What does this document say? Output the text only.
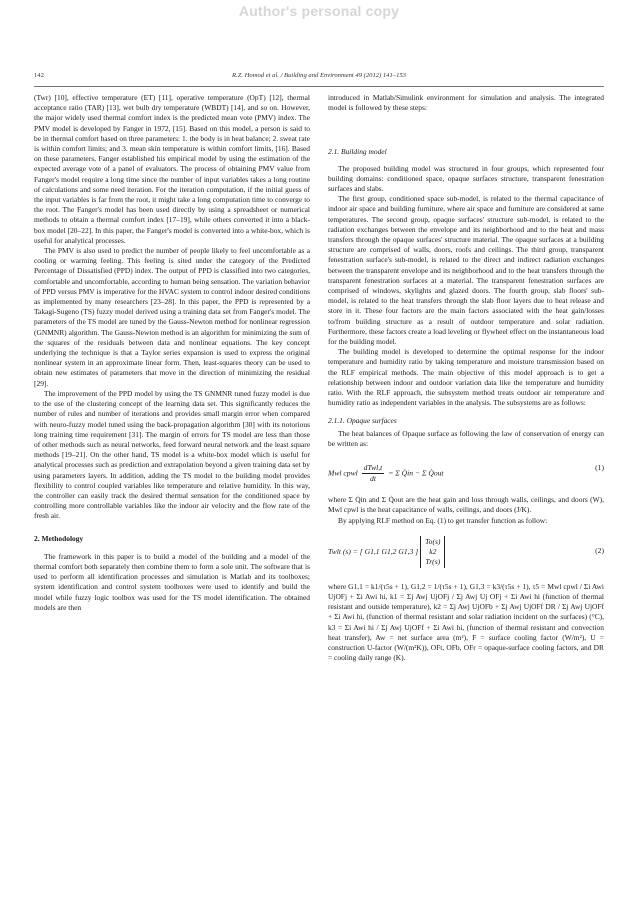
Author's personal copy
142	R.Z. Homod et al. / Building and Environment 49 (2012) 141–153

(Twr) [10], effective temperature (ET) [11], operative temperature (OpT) [12], thermal acceptance ratio (TAR) [13], wet bulb dry temperature (WBDT) [14], and so on. However, the major widely used thermal comfort index is the predicted mean vote (PMV) index. The PMV model is developed by Fanger in 1972, [15]. Based on this model, a person is said to be in thermal comfort based on three parameters: 1. the body is in heat balance; 2. sweat rate is within comfort limits; and 3. mean skin temperature is within comfort limits, [16]. Based on these parameters, Fanger established his empirical model by using the estimation of the expected average vote of a panel of evaluators. The process of obtaining PMV value from Fanger's model require a long time since the number of input variables takes a long routine of calculations and some need iteration. For the iteration computation, if the initial guess of the input variables is far from the root, it might take a long computation time to converge to the root. The Fanger's model has been used directly by using a spreadsheet or numerical methods to obtain a thermal comfort index [17–19], while others converted it into a black-box model [20–22]. In this paper, the Fanger's model is converted into a white-box, which is useful for analytical processes.

The PMV is also used to predict the number of people likely to feel uncomfortable as a cooling or warming feeling. This feeling is sited under the category of the Predicted Percentage of Dissatisfied (PPD) index. The output of PPD is classified into two categories, comfortable and uncomfortable, according to human being sensation. The variation behavior of PPD versus PMV is imperative for the HVAC system to control indoor desired conditions as implemented by many researchers [23–28]. In this paper, the PPD is represented by a Takagi-Sugeno (TS) fuzzy model derived using a training data set from Fanger's model. The parameters of the TS model are tuned by the Gauss-Newton method for nonlinear regression (GNMNR) algorithm. The Gauss-Newton method is an algorithm for minimizing the sum of the squares of the residuals between data and nonlinear equations. The key concept underlying the technique is that a Taylor series expansion is used to express the original nonlinear system in an approximate linear form. Then, least-squares theory can be used to obtain new estimates of parameters that move in the direction of minimizing the residual [29].

The improvement of the PPD model by using the TS GNMNR tuned fuzzy model is due to the use of the clustering concept of the learning data set. This significantly reduces the number of rules and number of iterations and provides small margin error when compared with neuro-fuzzy model tuned using the back-propagation algorithm [30] with its notorious long training time requirement [31]. The margin of errors for TS model are less than those of other methods such as neural networks, feed forward neural network and the least square methods [19–21]. On the other hand, TS model is a white-box model which is useful for analytical processes such as prediction and extrapolation beyond a given training data set by using parameters layers. In addition, adding the TS model to the building model provides flexibility to control coupled variables like temperature and relative humidity. In this way, the controller can easily track the desired thermal sensation for the conditioned space by controlling more controllable variables like the indoor air velocity and the flow rate of the fresh air.

2. Methodology

The framework in this paper is to build a model of the building and a model of the thermal comfort both separately then combine them to form a sole unit. The software that is used to perform all identification processes and simulation is Matlab and its toolboxes; system identification and control system toolboxes were used to identify and build the model while fuzzy logic toolbox was used for the TS model identification. The obtained models are then

introduced in Matlab/Simulink environment for simulation and analysis. The integrated model is followed by these steps:

2.1. Building model

The proposed building model was structured in four groups, which represented four building domains: conditioned space, opaque surfaces structure, transparent fenestration surfaces and slabs.

The first group, conditioned space sub-model, is related to the thermal capacitance of indoor air space and building furniture, where air space and furniture are considered at same temperatures. The second group, opaque surfaces' structure sub-model, is related to the radiation exchanges between the envelope and its neighborhood and to the heat and mass transfers through the opaque surfaces' structure material. The opaque surfaces at a building structure are comprised of walls, doors, roofs and ceilings. The third group, transparent fenestration surface's sub-model, is related to the direct and indirect radiation exchanges between the transparent envelope and its neighborhood and to the heat transfers through the transparent fenestration surfaces at a material. The transparent fenestration surfaces are comprised of windows, skylights and glazed doors. The fourth group, slab floors' sub-model, is related to the heat transfers through the slab floor layers due to heat release and store in it. These four factors are the main factors associated with the heat gain/losses to/from building structure as a result of outdoor temperature and solar radiation. Furthermore, these factors create a load leveling or flywheel effect on the instantaneous load for the building model.

The building model is developed to determine the optimal response for the indoor temperature and humidity ratio by taking temperature and moisture transmission based on the RLF empirical methods. The main objective of this model approach is to get a relationship between indoor and outdoor variation data like the temperature and humidity ratio. With the RLF approach, the subsystem method treats outdoor air temperature and humidity ratio as independent variables in the analysis. The subsystems are as follows:

2.1.1. Opaque surfaces

The heat balances of Opaque surface as following the law of conservation of energy can be written as:

Mwl cpwl $\frac{\text{dTwl,t}}{dt} = \Sigma$ Q̇in − Σ Q̇out
(1)

where Σ Q̇in and Σ Q̇out are the heat gain and loss through walls, ceilings, and doors (W), Mwl cpwl is the heat capacitance of walls, ceilings, and doors (J/K).

By applying RLF method on Eq. (1) to get transfer function as follow:

Twlt (s) = [ G1,1 G1,2 G1,3 ]
To(s)
k2
Tr(s)
(2)

where G1,1 = k1/(τ5s + 1), G1,2 = 1/(τ5s + 1), G1,3 = k3/(τ5s + 1), τ5 = Mwl cpwl / Σi Awi UjOFj + Σi Awi hi, k1 = Σj Awj UjOFj / Σj Awj Uj OFj + Σi Awi hi (function of thermal resistant and outside temperature), k2 = Σj Awj UjOFb + Σj Awj UjOFf DR / Σj Awj UjOFf + Σi Awi hi, (function of thermal resistant and solar radiation incident on the surfaces) (°C), k3 = Σi Awi hi / Σj Awj UjOFf + Σi Awi hi, (function of thermal resistant and convection heat transfer), Aw = net surface area (m²), F = surface cooling factor (W/m²), U = construction U-factor (W/(m²K)), OFt, OFb, OFr = opaque-surface cooling factors, and DR = cooling daily range (K).
